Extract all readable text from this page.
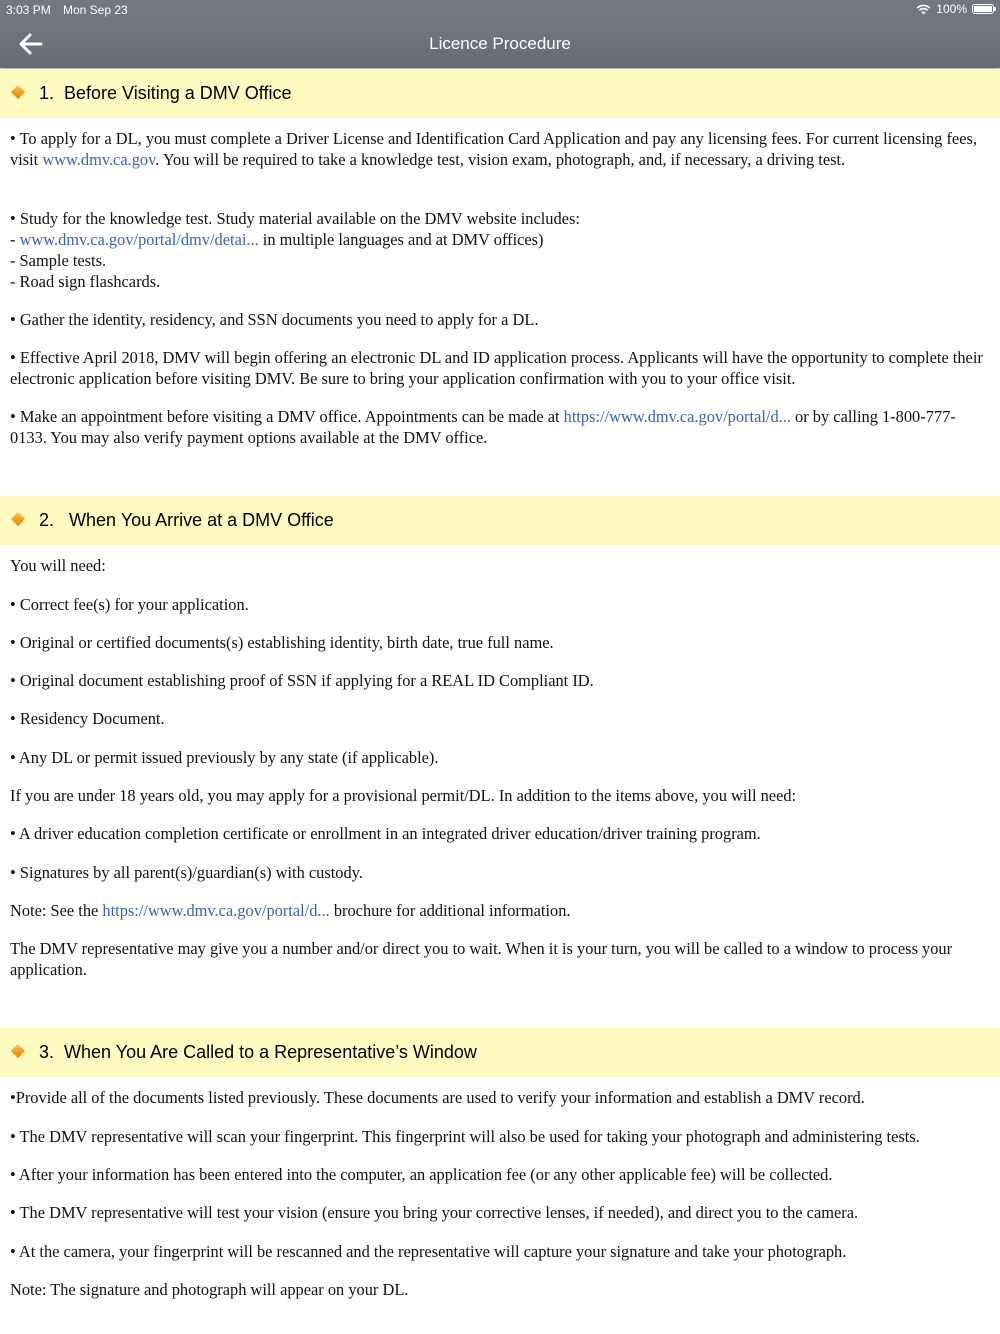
3:03 PM Mon Sep 23	100%
Licence Procedure
1.  Before Visiting a DMV Office
• To apply for a DL, you must complete a Driver License and Identification Card Application and pay any licensing fees. For current licensing fees, visit www.dmv.ca.gov. You will be required to take a knowledge test, vision exam, photograph, and, if necessary, a driving test.
• Study for the knowledge test. Study material available on the DMV website includes:
- www.dmv.ca.gov/portal/dmv/detai... in multiple languages and at DMV offices)
- Sample tests.
- Road sign flashcards.
• Gather the identity, residency, and SSN documents you need to apply for a DL.
• Effective April 2018, DMV will begin offering an electronic DL and ID application process. Applicants will have the opportunity to complete their electronic application before visiting DMV. Be sure to bring your application confirmation with you to your office visit.
• Make an appointment before visiting a DMV office. Appointments can be made at https://www.dmv.ca.gov/portal/d... or by calling 1-800-777-0133. You may also verify payment options available at the DMV office.
2.   When You Arrive at a DMV Office
You will need:
• Correct fee(s) for your application.
• Original or certified documents(s) establishing identity, birth date, true full name.
• Original document establishing proof of SSN if applying for a REAL ID Compliant ID.
• Residency Document.
• Any DL or permit issued previously by any state (if applicable).
If you are under 18 years old, you may apply for a provisional permit/DL. In addition to the items above, you will need:
• A driver education completion certificate or enrollment in an integrated driver education/driver training program.
• Signatures by all parent(s)/guardian(s) with custody.
Note: See the https://www.dmv.ca.gov/portal/d... brochure for additional information.
The DMV representative may give you a number and/or direct you to wait. When it is your turn, you will be called to a window to process your application.
3.  When You Are Called to a Representative’s Window
•Provide all of the documents listed previously. These documents are used to verify your information and establish a DMV record.
• The DMV representative will scan your fingerprint. This fingerprint will also be used for taking your photograph and administering tests.
• After your information has been entered into the computer, an application fee (or any other applicable fee) will be collected.
• The DMV representative will test your vision (ensure you bring your corrective lenses, if needed), and direct you to the camera.
• At the camera, your fingerprint will be rescanned and the representative will capture your signature and take your photograph.
Note: The signature and photograph will appear on your DL.
